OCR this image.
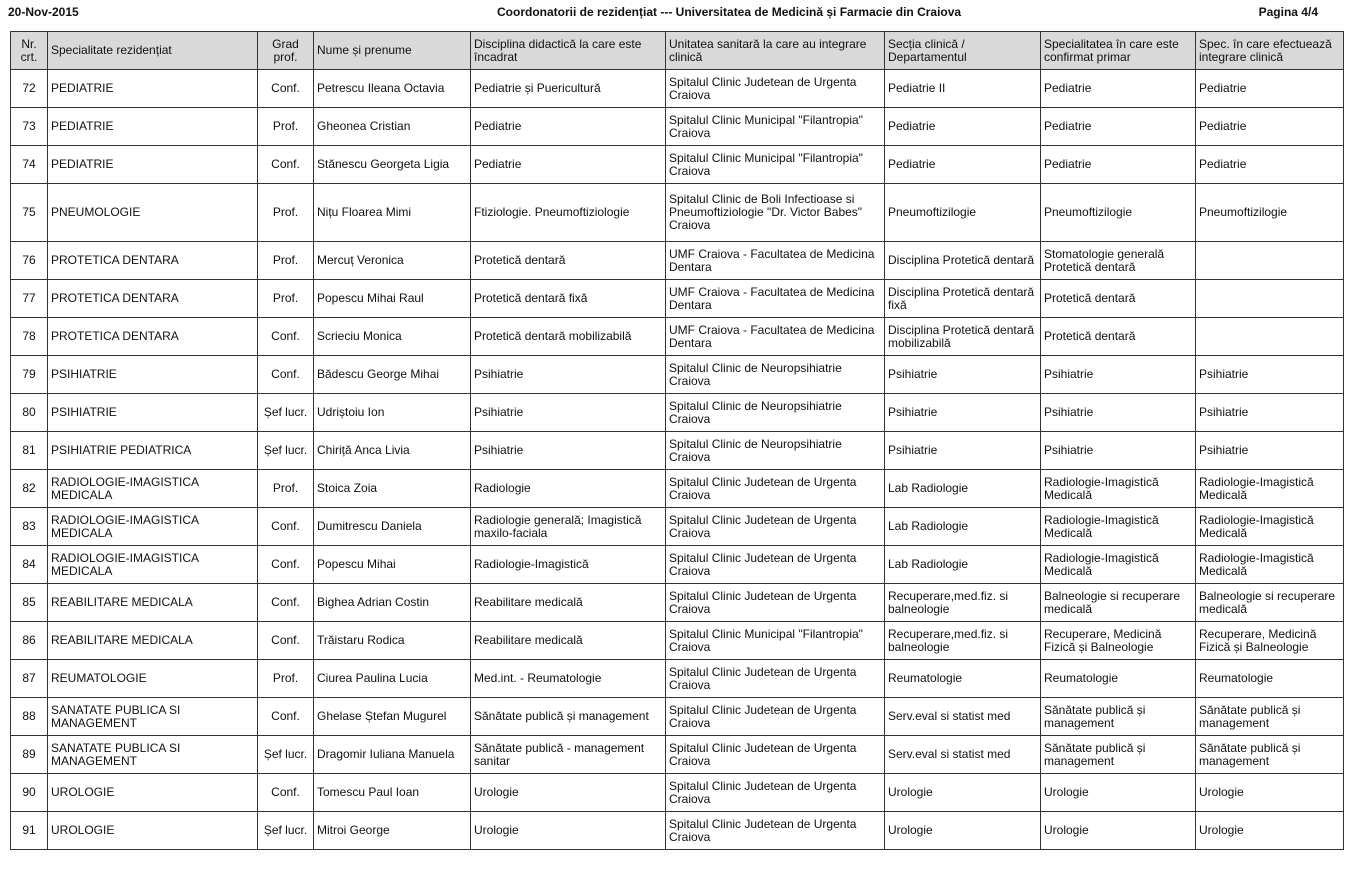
20-Nov-2015	Coordonatorii de rezidențiat --- Universitatea de Medicină și Farmacie din Craiova	Pagina 4/4
Nr. crt.	Specialitate rezidențiat	Grad prof.	Nume și prenume	Disciplina didactică la care este încadrat	Unitatea sanitară la care au integrare clinică	Secția clinică / Departamentul	Specialitatea în care este confirmat primar	Spec. în care efectuează integrare clinică
72	PEDIATRIE	Conf.	Petrescu Ileana Octavia	Pediatrie și Puericultură	Spitalul Clinic Judetean de Urgenta Craiova	Pediatrie II	Pediatrie	Pediatrie
73	PEDIATRIE	Prof.	Gheonea Cristian	Pediatrie	Spitalul Clinic Municipal "Filantropia" Craiova	Pediatrie	Pediatrie	Pediatrie
74	PEDIATRIE	Conf.	Stănescu Georgeta Ligia	Pediatrie	Spitalul Clinic Municipal "Filantropia" Craiova	Pediatrie	Pediatrie	Pediatrie
75	PNEUMOLOGIE	Prof.	Nițu Floarea Mimi	Ftiziologie. Pneumoftiziologie	Spitalul Clinic de Boli Infectioase si Pneumoftiziologie "Dr. Victor Babes" Craiova	Pneumoftizilogie	Pneumoftizilogie	Pneumoftizilogie
76	PROTETICA DENTARA	Prof.	Mercuț Veronica	Protetică dentară	UMF Craiova - Facultatea de Medicina Dentara	Disciplina Protetică dentară	Stomatologie generală Protetică dentară	
77	PROTETICA DENTARA	Prof.	Popescu Mihai Raul	Protetică dentară fixă	UMF Craiova - Facultatea de Medicina Dentara	Disciplina Protetică dentară fixă	Protetică dentară	
78	PROTETICA DENTARA	Conf.	Scrieciu Monica	Protetică dentară mobilizabilă	UMF Craiova - Facultatea de Medicina Dentara	Disciplina Protetică dentară mobilizabilă	Protetică dentară	
79	PSIHIATRIE	Conf.	Bădescu George Mihai	Psihiatrie	Spitalul Clinic de Neuropsihiatrie Craiova	Psihiatrie	Psihiatrie	Psihiatrie
80	PSIHIATRIE	Șef lucr.	Udriștoiu Ion	Psihiatrie	Spitalul Clinic de Neuropsihiatrie Craiova	Psihiatrie	Psihiatrie	Psihiatrie
81	PSIHIATRIE PEDIATRICA	Șef lucr.	Chiriță Anca Livia	Psihiatrie	Spitalul Clinic de Neuropsihiatrie Craiova	Psihiatrie	Psihiatrie	Psihiatrie
82	RADIOLOGIE-IMAGISTICA MEDICALA	Prof.	Stoica Zoia	Radiologie	Spitalul Clinic Judetean de Urgenta Craiova	Lab Radiologie	Radiologie-Imagistică Medicală	Radiologie-Imagistică Medicală
83	RADIOLOGIE-IMAGISTICA MEDICALA	Conf.	Dumitrescu Daniela	Radiologie generală; Imagistică maxilo-faciala	Spitalul Clinic Judetean de Urgenta Craiova	Lab Radiologie	Radiologie-Imagistică Medicală	Radiologie-Imagistică Medicală
84	RADIOLOGIE-IMAGISTICA MEDICALA	Conf.	Popescu Mihai	Radiologie-Imagistică	Spitalul Clinic Judetean de Urgenta Craiova	Lab Radiologie	Radiologie-Imagistică Medicală	Radiologie-Imagistică Medicală
85	REABILITARE MEDICALA	Conf.	Bighea Adrian Costin	Reabilitare medicală	Spitalul Clinic Judetean de Urgenta Craiova	Recuperare,med.fiz. si balneologie	Balneologie si recuperare medicală	Balneologie si recuperare medicală
86	REABILITARE MEDICALA	Conf.	Trăistaru Rodica	Reabilitare medicală	Spitalul Clinic Municipal "Filantropia" Craiova	Recuperare,med.fiz. si balneologie	Recuperare, Medicină Fizică și Balneologie	Recuperare, Medicină Fizică și Balneologie
87	REUMATOLOGIE	Prof.	Ciurea Paulina Lucia	Med.int. - Reumatologie	Spitalul Clinic Judetean de Urgenta Craiova	Reumatologie	Reumatologie	Reumatologie
88	SANATATE PUBLICA SI MANAGEMENT	Conf.	Ghelase Ștefan Mugurel	Sănătate publică și management	Spitalul Clinic Judetean de Urgenta Craiova	Serv.eval si statist med	Sănătate publică și management	Sănătate publică și management
89	SANATATE PUBLICA SI MANAGEMENT	Șef lucr.	Dragomir Iuliana Manuela	Sănătate publică - management sanitar	Spitalul Clinic Judetean de Urgenta Craiova	Serv.eval si statist med	Sănătate publică și management	Sănătate publică și management
90	UROLOGIE	Conf.	Tomescu Paul Ioan	Urologie	Spitalul Clinic Judetean de Urgenta Craiova	Urologie	Urologie	Urologie
91	UROLOGIE	Șef lucr.	Mitroi George	Urologie	Spitalul Clinic Judetean de Urgenta Craiova	Urologie	Urologie	Urologie
